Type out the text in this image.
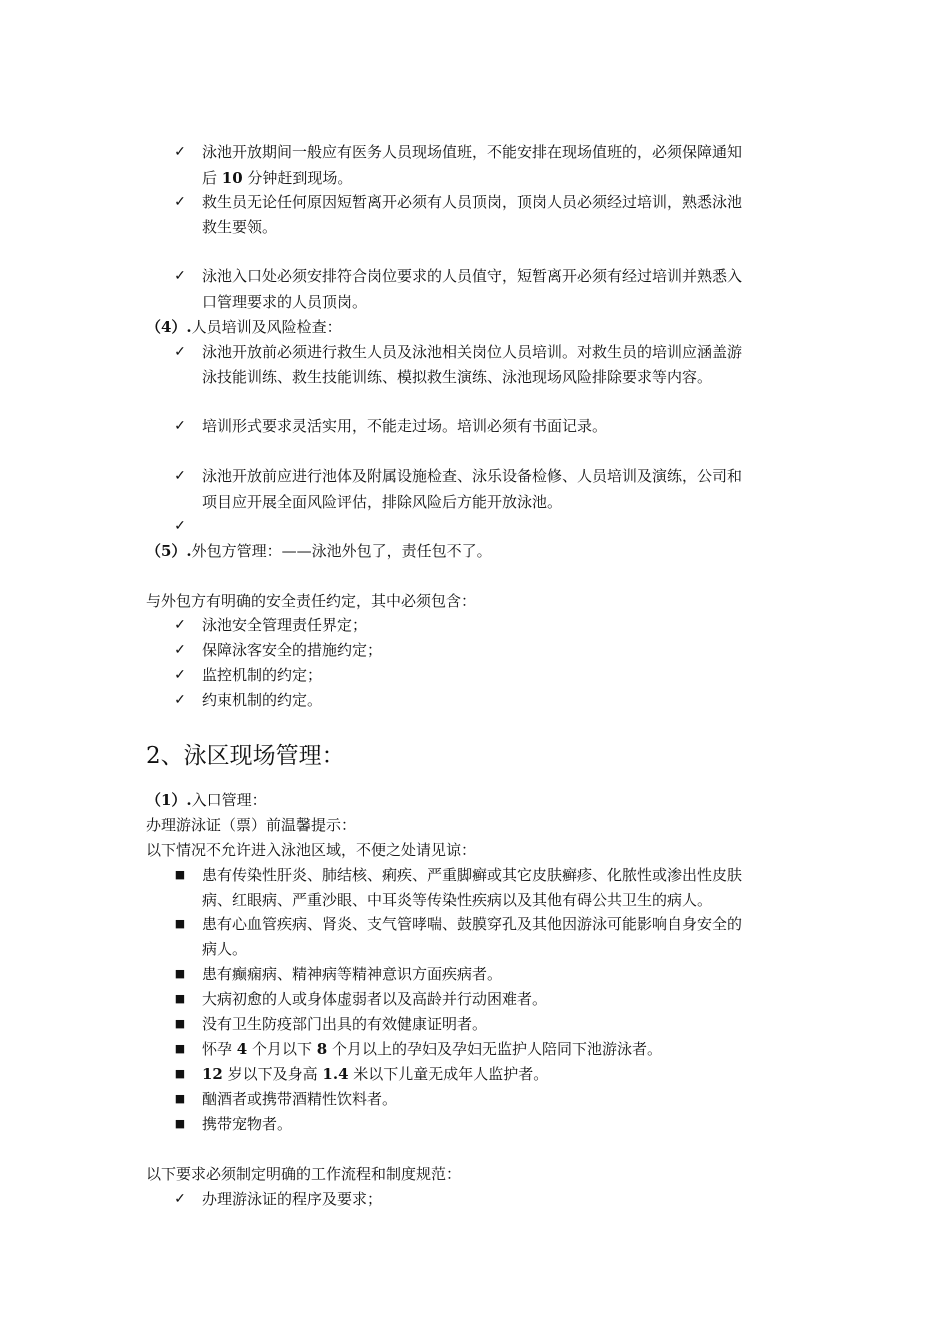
✓ 泳池开放期间一般应有医务人员现场值班，不能安排在现场值班的，必须保障通知
后 10 分钟赶到现场。
✓ 救生员无论任何原因短暂离开必须有人员顶岗，顶岗人员必须经过培训，熟悉泳池
救生要领。
✓ 泳池入口处必须安排符合岗位要求的人员值守，短暂离开必须有经过培训并熟悉入
口管理要求的人员顶岗。
（4）.人员培训及风险检查：
✓ 泳池开放前必须进行救生人员及泳池相关岗位人员培训。对救生员的培训应涵盖游
泳技能训练、救生技能训练、模拟救生演练、泳池现场风险排除要求等内容。
✓ 培训形式要求灵活实用，不能走过场。培训必须有书面记录。
✓ 泳池开放前应进行池体及附属设施检查、泳乐设备检修、人员培训及演练，公司和
项目应开展全面风险评估，排除风险后方能开放泳池。
✓
（5）.外包方管理：——泳池外包了，责任包不了。
与外包方有明确的安全责任约定，其中必须包含：
✓ 泳池安全管理责任界定；
✓ 保障泳客安全的措施约定；
✓ 监控机制的约定；
✓ 约束机制的约定。
2、泳区现场管理：
（1）.入口管理：
办理游泳证（票）前温馨提示：
以下情况不允许进入泳池区域，不便之处请见谅：
■	患有传染性肝炎、肺结核、痢疾、严重脚癣或其它皮肤癣疹、化脓性或渗出性皮肤
病、红眼病、严重沙眼、中耳炎等传染性疾病以及其他有碍公共卫生的病人。
■	患有心血管疾病、肾炎、支气管哮喘、鼓膜穿孔及其他因游泳可能影响自身安全的
病人。
■	患有癫痫病、精神病等精神意识方面疾病者。
■	大病初愈的人或身体虚弱者以及高龄并行动困难者。
■	没有卫生防疫部门出具的有效健康证明者。
■	怀孕 4 个月以下 8 个月以上的孕妇及孕妇无监护人陪同下池游泳者。
■	12 岁以下及身高 1.4 米以下儿童无成年人监护者。
■	酗酒者或携带酒精性饮料者。
■	携带宠物者。
以下要求必须制定明确的工作流程和制度规范：
✓ 办理游泳证的程序及要求；
